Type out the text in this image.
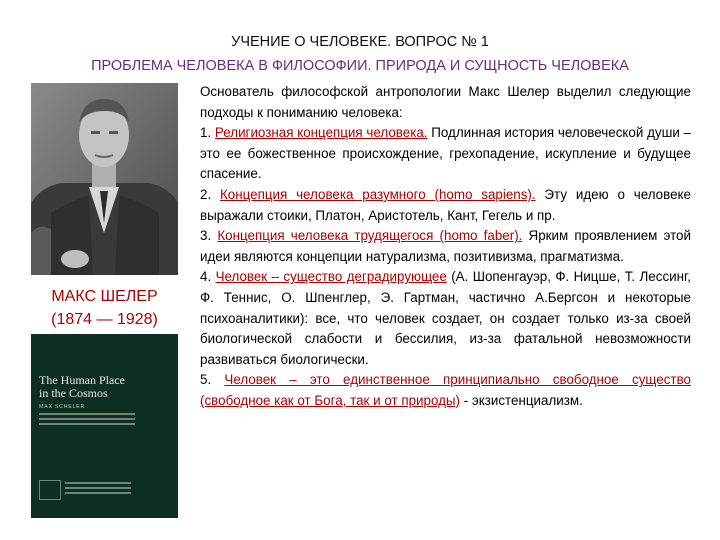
УЧЕНИЕ О ЧЕЛОВЕКЕ. ВОПРОС № 1
ПРОБЛЕМА ЧЕЛОВЕКА В ФИЛОСОФИИ. ПРИРОДА И СУЩНОСТЬ ЧЕЛОВЕКА
МАКС ШЕЛЕР
(1874 — 1928)
The Human Place
in the Cosmos
MAX SCHELER

Основатель философской антропологии Макс Шелер выделил следующие подходы к пониманию человека:

1. Религиозная концепция человека. Подлинная история человеческой души – это ее божественное происхождение, грехопадение, искупление и будущее спасение.

2. Концепция человека разумного (homo sapiens). Эту идею о человеке выражали стоики, Платон, Аристотель, Кант, Гегель и пр.

3. Концепция человека трудящегося (homo faber). Ярким проявлением этой идеи являются концепции натурализма, позитивизма, прагматизма.

4. Человек – существо деградирующее (А. Шопенгауэр, Ф. Ницше, Т. Лессинг, Ф. Теннис, О. Шпенглер, Э. Гартман, частично А.Бергсон и некоторые психоаналитики): все, что человек создает, он создает только из-за своей биологической слабости и бессилия, из-за фатальной невозможности развиваться биологически.

5. Человек – это единственное принципиально свободное существо (свободное как от Бога, так и от природы) - экзистенциализм.
